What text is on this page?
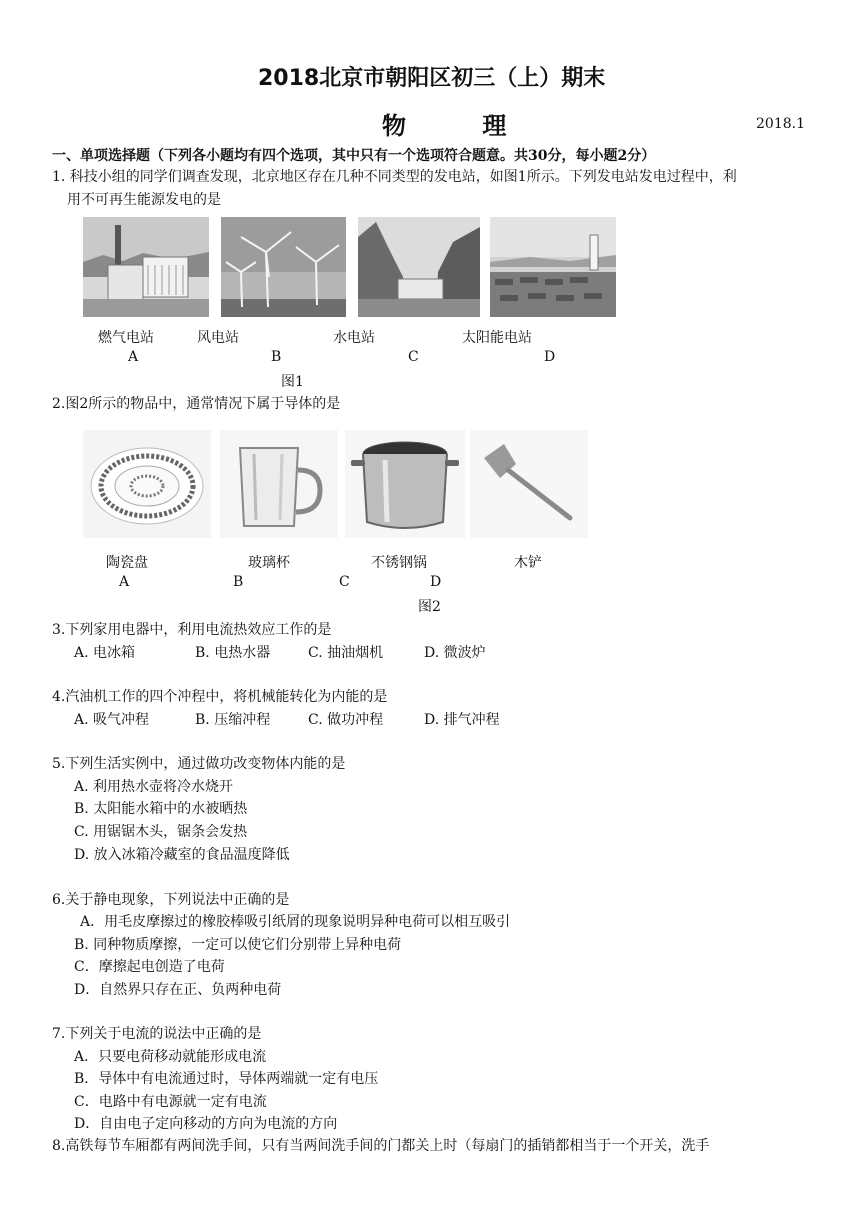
2018北京市朝阳区初三（上）期末
物 理	2018.1
一、单项选择题（下列各小题均有四个选项，其中只有一个选项符合题意。共30分，每小题2分）
1. 科技小组的同学们调查发现，北京地区存在几种不同类型的发电站，如图1所示。下列发电站发电过程中，利
用不可再生能源发电的是
燃气电站	风电站	水电站	太阳能电站
A	B	C	D
图1
2.图2所示的物品中，通常情况下属于导体的是
陶瓷盘	玻璃杯	不锈钢锅	木铲
A	B	C	D
图2
3.下列家用电器中，利用电流热效应工作的是
A. 电冰箱	B. 电热水器	C. 抽油烟机	D. 微波炉
4.汽油机工作的四个冲程中，将机械能转化为内能的是
A. 吸气冲程	B. 压缩冲程	C. 做功冲程	D. 排气冲程
5.下列生活实例中，通过做功改变物体内能的是
A. 利用热水壶将冷水烧开
B. 太阳能水箱中的水被晒热
C. 用锯锯木头，锯条会发热
D. 放入冰箱冷藏室的食品温度降低
6.关于静电现象，下列说法中正确的是
A．用毛皮摩擦过的橡胶棒吸引纸屑的现象说明异种电荷可以相互吸引
B. 同种物质摩擦，一定可以使它们分别带上异种电荷
C．摩擦起电创造了电荷
D．自然界只存在正、负两种电荷
7.下列关于电流的说法中正确的是
A．只要电荷移动就能形成电流
B．导体中有电流通过时，导体两端就一定有电压
C．电路中有电源就一定有电流
D．自由电子定向移动的方向为电流的方向
8.高铁每节车厢都有两间洗手间，只有当两间洗手间的门都关上时（每扇门的插销都相当于一个开关，洗手
